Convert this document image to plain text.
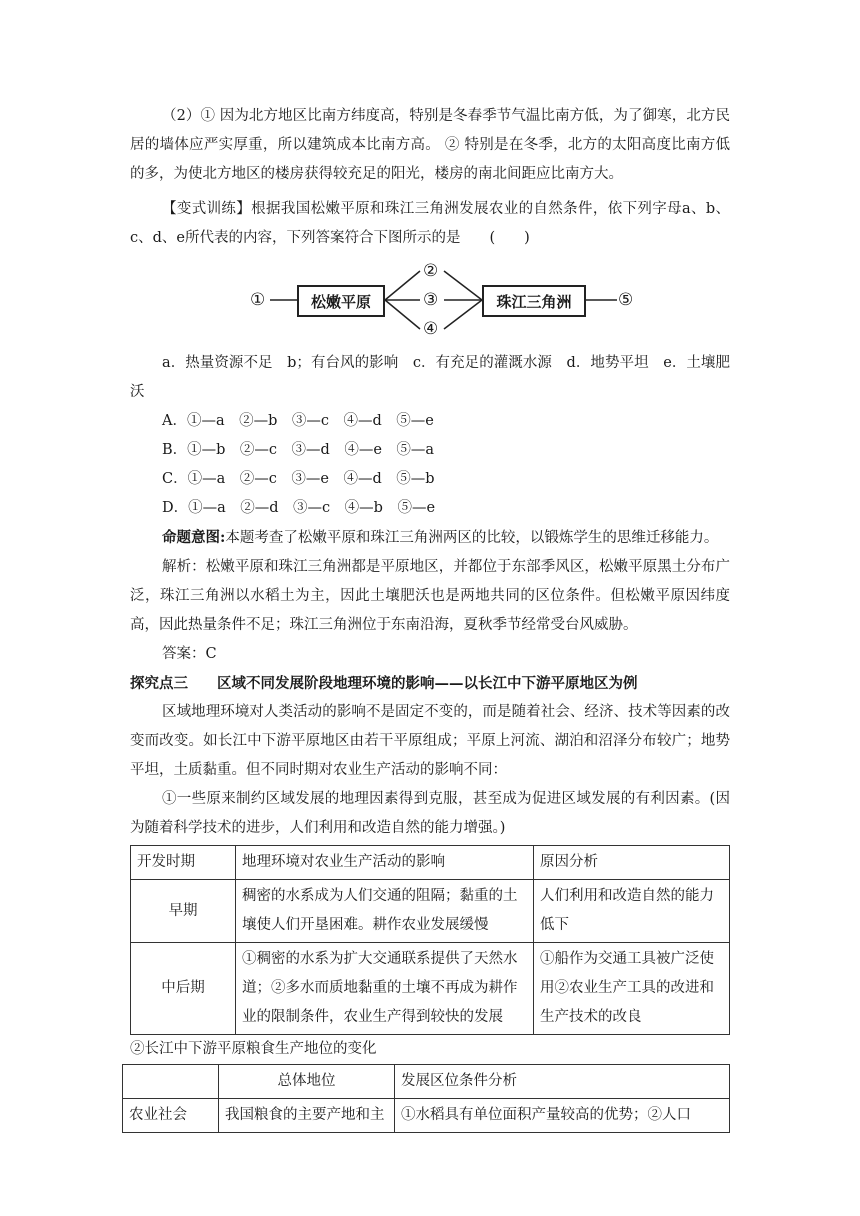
（2）① 因为北方地区比南方纬度高，特别是冬春季节气温比南方低，为了御寒，北方民居的墙体应严实厚重，所以建筑成本比南方高。 ② 特别是在冬季，北方的太阳高度比南方低的多，为使北方地区的楼房获得较充足的阳光，楼房的南北间距应比南方大。

【变式训练】根据我国松嫩平原和珠江三角洲发展农业的自然条件，依下列字母a、b、c、d、e所代表的内容，下列答案符合下图所示的是　　(　　)

①	松嫩平原
②
③
④
珠江三角洲	⑤

a．热量资源不足　b；有台风的影响　c．有充足的灌溉水源　d．地势平坦　e．土壤肥沃

A．①—a　②—b　③—c　④—d　⑤—e

B．①—b　②—c　③—d　④—e　⑤—a

C．①—a　②—c　③—e　④—d　⑤—b

D．①—a　②—d　③—c　④—b　⑤—e

命题意图:本题考查了松嫩平原和珠江三角洲两区的比较，以锻炼学生的思维迁移能力。

解析：松嫩平原和珠江三角洲都是平原地区，并都位于东部季风区，松嫩平原黑土分布广泛，珠江三角洲以水稻土为主，因此土壤肥沃也是两地共同的区位条件。但松嫩平原因纬度高，因此热量条件不足；珠江三角洲位于东南沿海，夏秋季节经常受台风威胁。

答案：C

探究点三　　区域不同发展阶段地理环境的影响——以长江中下游平原地区为例

区域地理环境对人类活动的影响不是固定不变的，而是随着社会、经济、技术等因素的改变而改变。如长江中下游平原地区由若干平原组成；平原上河流、湖泊和沼泽分布较广；地势平坦，土质黏重。但不同时期对农业生产活动的影响不同：

①一些原来制约区域发展的地理因素得到克服，甚至成为促进区域发展的有利因素。(因为随着科学技术的进步，人们利用和改造自然的能力增强。)

开发时期	地理环境对农业生产活动的影响	原因分析
早期	稠密的水系成为人们交通的阻隔；黏重的土壤使人们开垦困难。耕作农业发展缓慢	人们利用和改造自然的能力低下
中后期	①稠密的水系为扩大交通联系提供了天然水道；②多水而质地黏重的土壤不再成为耕作业的限制条件，农业生产得到较快的发展	①船作为交通工具被广泛使用②农业生产工具的改进和生产技术的改良

②长江中下游平原粮食生产地位的变化

	总体地位	发展区位条件分析
农业社会	我国粮食的主要产地和主	①水稻具有单位面积产量较高的优势；②人口
